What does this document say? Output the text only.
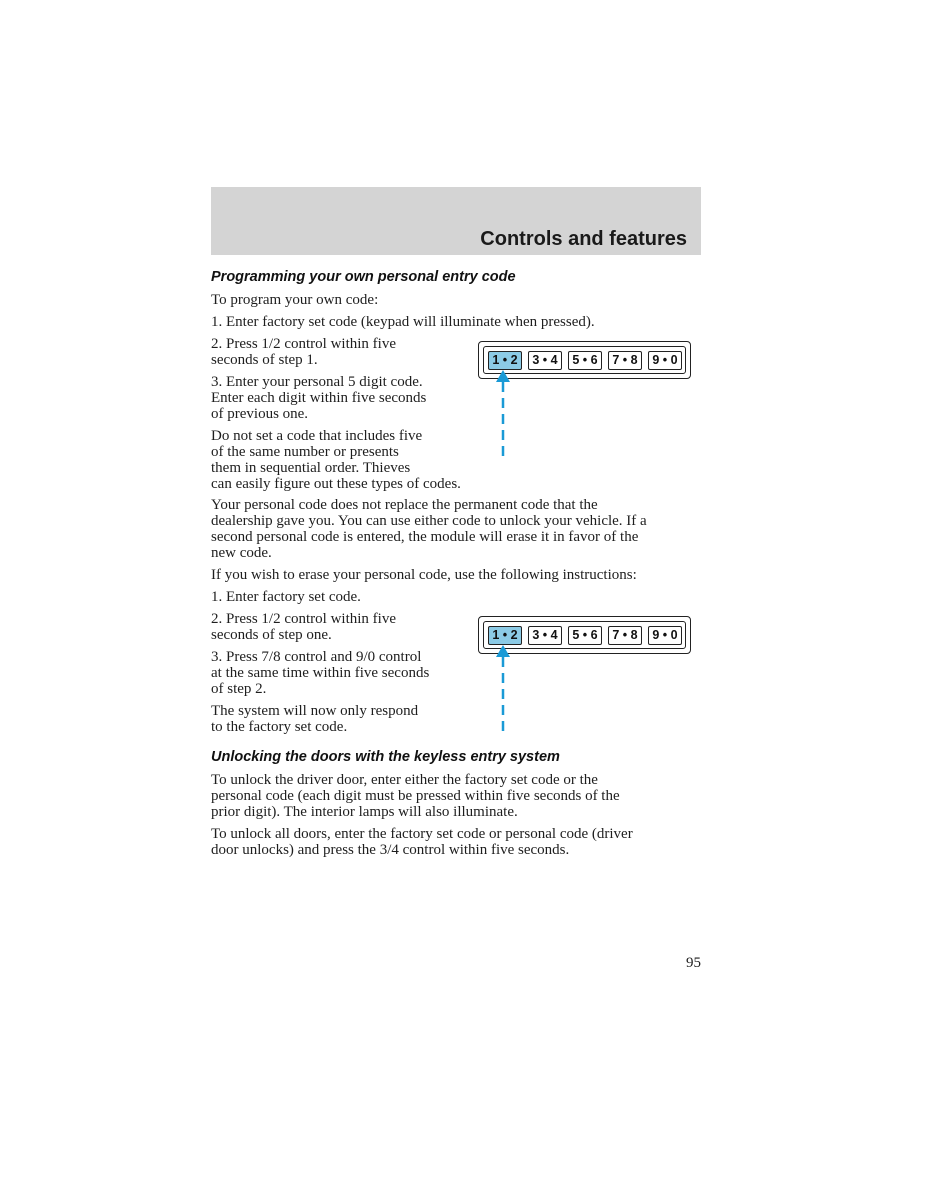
Controls and features
Programming your own personal entry code
To program your own code:
1. Enter factory set code (keypad will illuminate when pressed).
2. Press 1/2 control within five
seconds of step 1.
3. Enter your personal 5 digit code.
Enter each digit within five seconds
of previous one.
Do not set a code that includes five
of the same number or presents
them in sequential order. Thieves
can easily figure out these types of codes.
1 • 2	3 • 4	5 • 6	7 • 8	9 • 0
Your personal code does not replace the permanent code that the
dealership gave you. You can use either code to unlock your vehicle. If a
second personal code is entered, the module will erase it in favor of the
new code.
If you wish to erase your personal code, use the following instructions:
1. Enter factory set code.
2. Press 1/2 control within five
seconds of step one.
3. Press 7/8 control and 9/0 control
at the same time within five seconds
of step 2.
The system will now only respond
to the factory set code.
1 • 2	3 • 4	5 • 6	7 • 8	9 • 0
Unlocking the doors with the keyless entry system
To unlock the driver door, enter either the factory set code or the
personal code (each digit must be pressed within five seconds of the
prior digit). The interior lamps will also illuminate.
To unlock all doors, enter the factory set code or personal code (driver
door unlocks) and press the 3/4 control within five seconds.
95
